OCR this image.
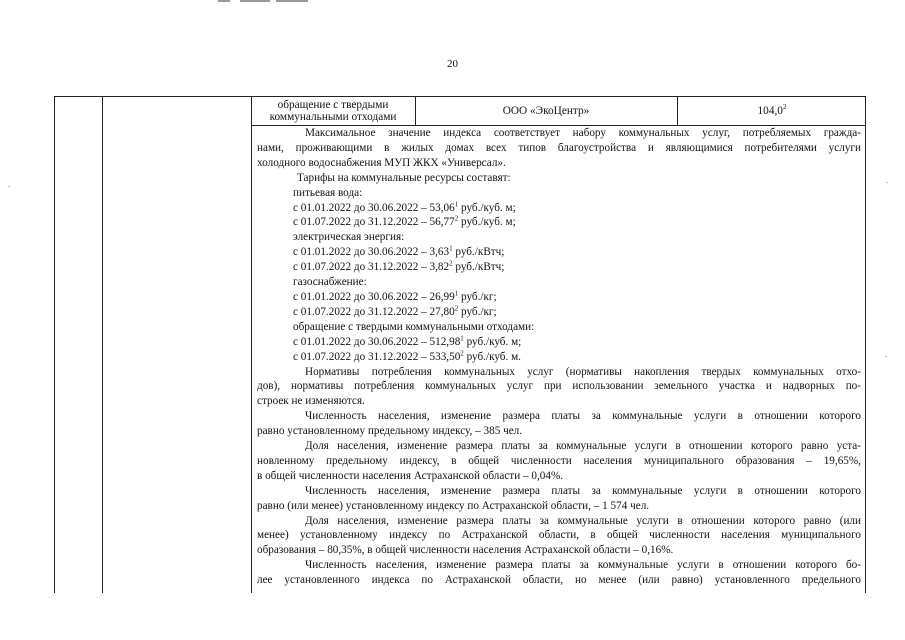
20
обращение с твердыми коммунальными отходами	ООО «ЭкоЦентр»	104,0$^2$

Максимальное значение индекса соответствует набору коммунальных услуг, потребляемых гражда-

нами, проживающими в жилых домах всех типов благоустройства и являющимися потребителями услуги

холодного водоснабжения МУП ЖКХ «Универсал».

Тарифы на коммунальные ресурсы составят:

питьевая вода:

с 01.01.2022 до 30.06.2022 – 53,06$^1$ руб./куб. м;

с 01.07.2022 до 31.12.2022 – 56,77$^2$ руб./куб. м;

электрическая энергия:

с 01.01.2022 до 30.06.2022 – 3,63$^1$ руб./кВтч;

с 01.07.2022 до 31.12.2022 – 3,82$^2$ руб./кВтч;

газоснабжение:

с 01.01.2022 до 30.06.2022 – 26,99$^1$ руб./кг;

с 01.07.2022 до 31.12.2022 – 27,80$^2$ руб./кг;

обращение с твердыми коммунальными отходами:

с 01.01.2022 до 30.06.2022 – 512,98$^1$ руб./куб. м;

с 01.07.2022 до 31.12.2022 – 533,50$^2$ руб./куб. м.

Нормативы потребления коммунальных услуг (нормативы накопления твердых коммунальных отхо-

дов), нормативы потребления коммунальных услуг при использовании земельного участка и надворных по-

строек не изменяются.

Численность населения, изменение размера платы за коммунальные услуги в отношении которого

равно установленному предельному индексу, – 385 чел.

Доля населения, изменение размера платы за коммунальные услуги в отношении которого равно уста-

новленному предельному индексу, в общей численности населения муниципального образования – 19,65%,

в общей численности населения Астраханской области – 0,04%.

Численность населения, изменение размера платы за коммунальные услуги в отношении которого

равно (или менее) установленному индексу по Астраханской области, – 1 574 чел.

Доля населения, изменение размера платы за коммунальные услуги в отношении которого равно (или

менее) установленному индексу по Астраханской области, в общей численности населения муниципального

образования – 80,35%, в общей численности населения Астраханской области – 0,16%.

Численность населения, изменение размера платы за коммунальные услуги в отношении которого бо-

лее установленного индекса по Астраханской области, но менее (или равно) установленного предельного
